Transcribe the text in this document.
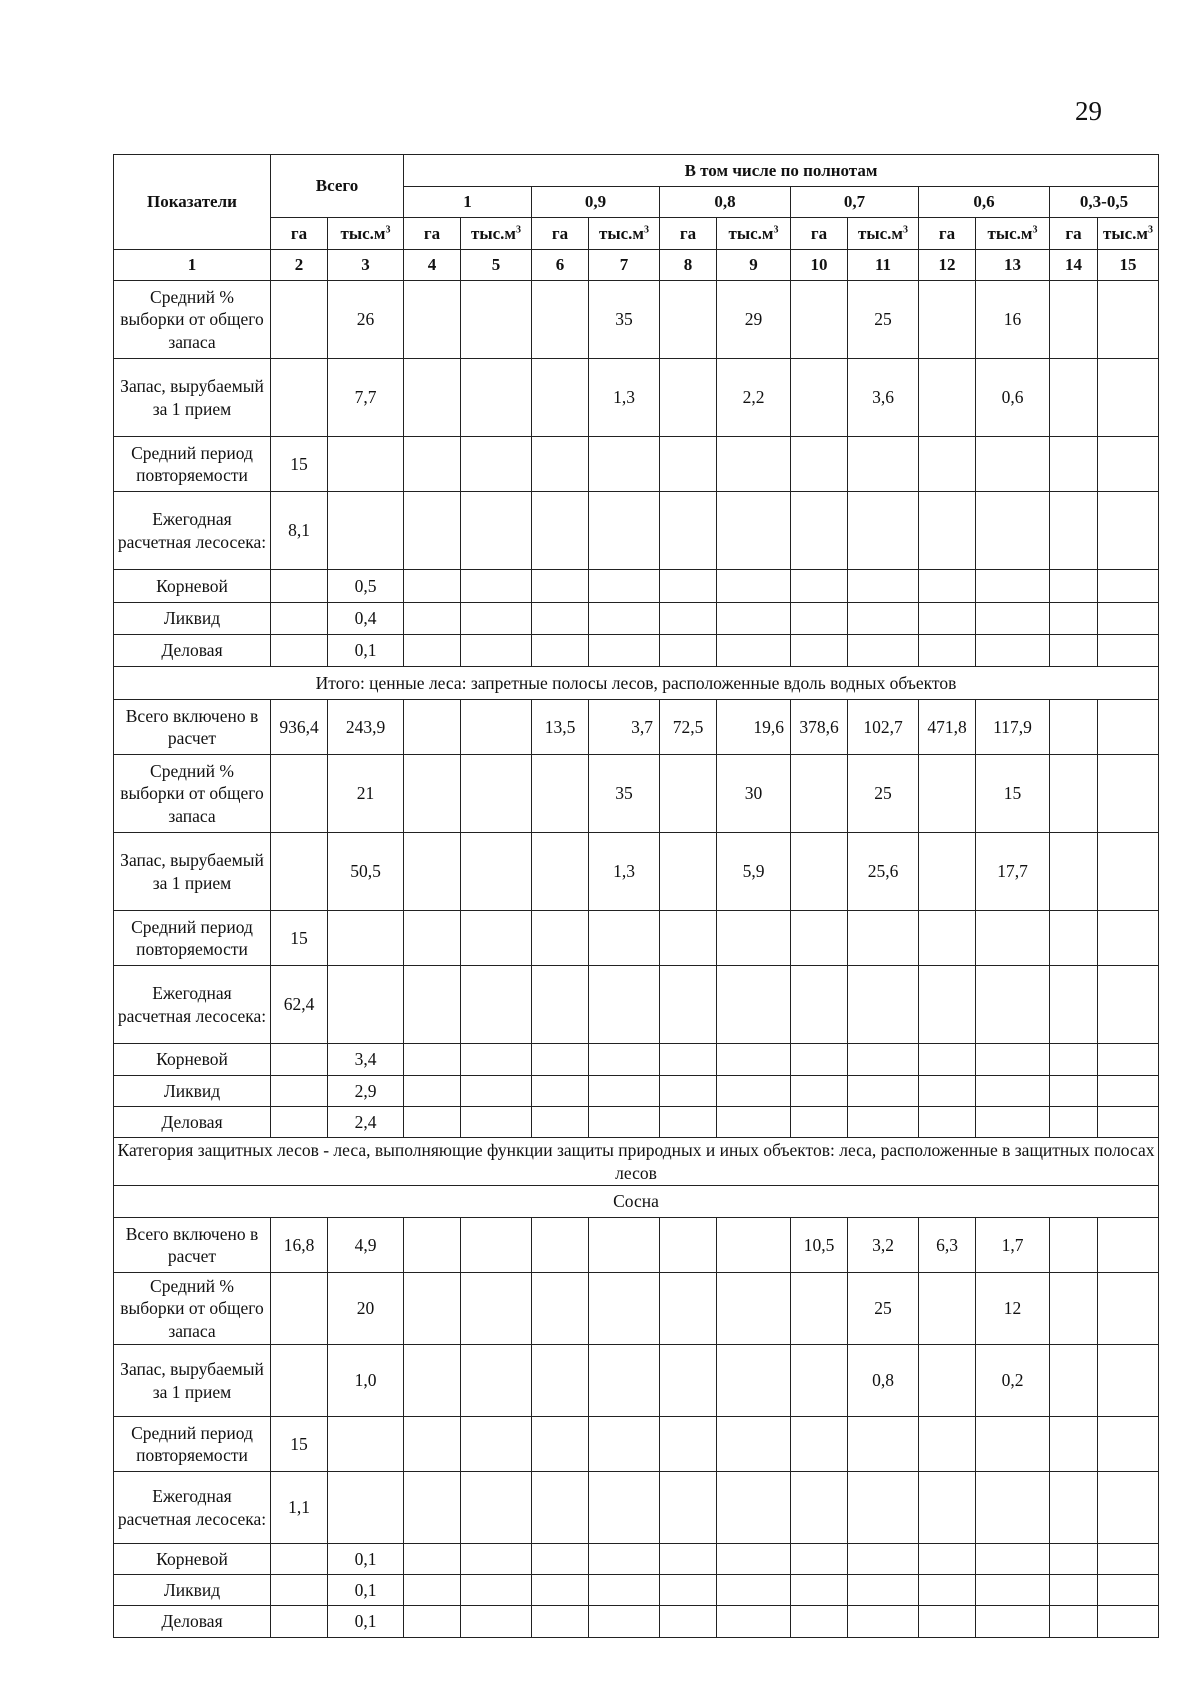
29
Показатели	Всего		В том числе по полнотам											
			1		0,9		0,8		0,7		0,6		0,3-0,5	
	га	$тыс.м^3$	га	$тыс.м^3$	га	$тыс.м^3$	га	$тыс.м^3$	га	$тыс.м^3$	га	$тыс.м^3$	га	$тыс.м^3$
1	2	3	4	5	6	7	8	9	10	11	12	13	14	15
Средний % выборки от общего запаса		26				35		29		25		16		
Запас, вырубаемый за 1 прием		7,7				1,3		2,2		3,6		0,6		
Средний период повторяемости	15													
Ежегодная расчетная лесосека:	8,1													
Корневой		0,5												
Ликвид		0,4												
Деловая		0,1												
Итого: ценные леса: запретные полосы лесов, расположенные вдоль водных объектов														
Всего включено в расчет	936,4	243,9			13,5	3,7	72,5	19,6	378,6	102,7	471,8	117,9		
Средний % выборки от общего запаса		21				35		30		25		15		
Запас, вырубаемый за 1 прием		50,5				1,3		5,9		25,6		17,7		
Средний период повторяемости	15													
Ежегодная расчетная лесосека:	62,4													
Корневой		3,4												
Ликвид		2,9												
Деловая		2,4												
Категория защитных лесов - леса, выполняющие функции защиты природных и иных объектов: леса, расположенные в защитных полосах лесов														
Сосна														
Всего включено в расчет	16,8	4,9							10,5	3,2	6,3	1,7		
Средний % выборки от общего запаса		20								25		12		
Запас, вырубаемый за 1 прием		1,0								0,8		0,2		
Средний период повторяемости	15													
Ежегодная расчетная лесосека:	1,1													
Корневой		0,1												
Ликвид		0,1												
Деловая		0,1												
